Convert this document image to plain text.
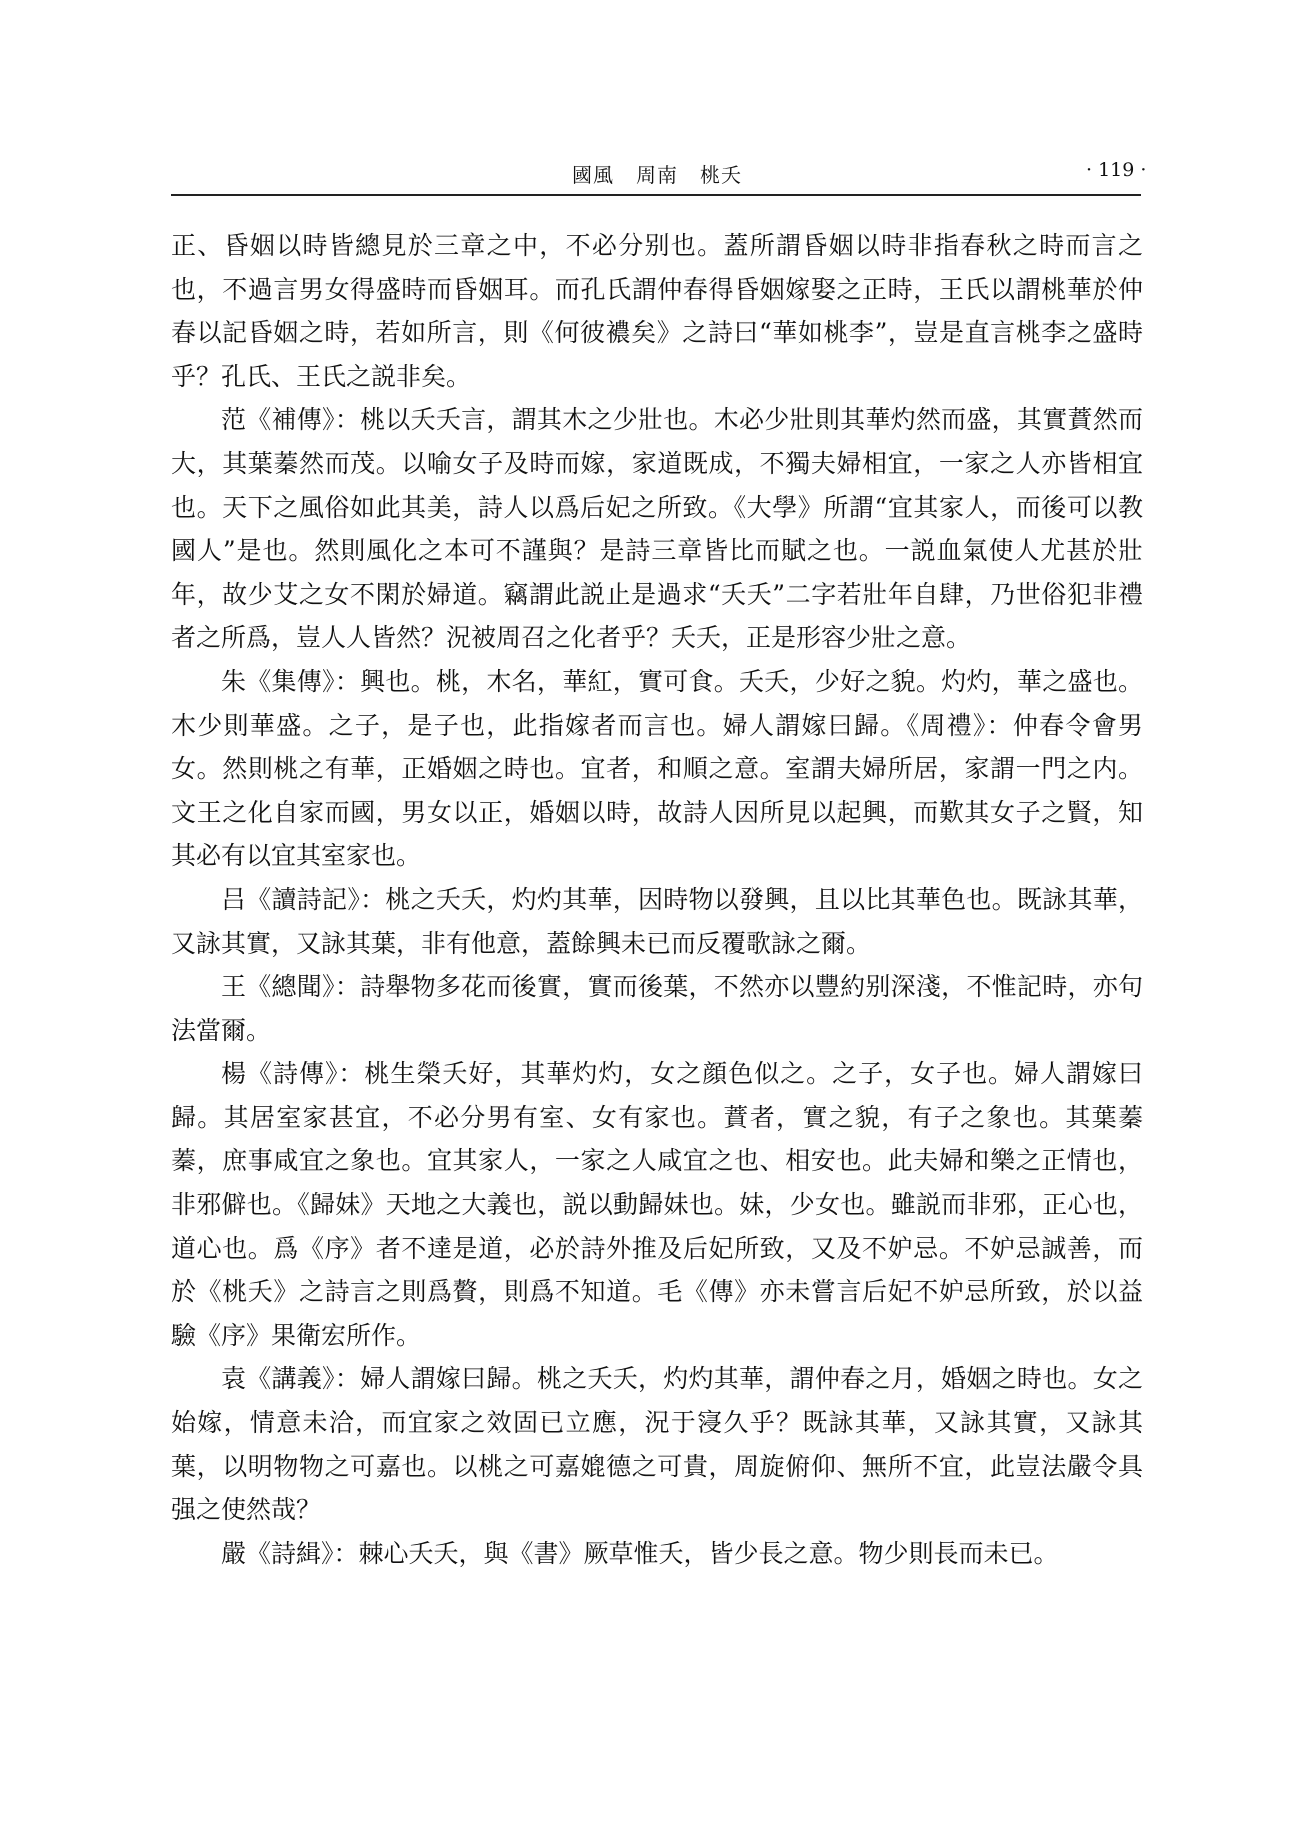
國風 周南 桃夭	· 119 ·

正、昏姻以時皆總見於三章之中，不必分别也。蓋所謂昏姻以時非指春秋之時而言之也，不過言男女得盛時而昏姻耳。而孔氏謂仲春得昏姻嫁娶之正時，王氏以謂桃華於仲春以記昏姻之時，若如所言，則《何彼襛矣》之詩曰“華如桃李”，豈是直言桃李之盛時乎？孔氏、王氏之説非矣。

范《補傳》：桃以夭夭言，謂其木之少壯也。木必少壯則其華灼然而盛，其實蕡然而大，其葉蓁然而茂。以喻女子及時而嫁，家道既成，不獨夫婦相宜，一家之人亦皆相宜也。天下之風俗如此其美，詩人以爲后妃之所致。《大學》所謂“宜其家人，而後可以教國人”是也。然則風化之本可不謹與？是詩三章皆比而賦之也。一説血氣使人尤甚於壯年，故少艾之女不閑於婦道。竊謂此説止是過求“夭夭”二字若壯年自肆，乃世俗犯非禮者之所爲，豈人人皆然？況被周召之化者乎？夭夭，正是形容少壯之意。

朱《集傳》：興也。桃，木名，華紅，實可食。夭夭，少好之貌。灼灼，華之盛也。木少則華盛。之子，是子也，此指嫁者而言也。婦人謂嫁曰歸。《周禮》：仲春令會男女。然則桃之有華，正婚姻之時也。宜者，和順之意。室謂夫婦所居，家謂一門之内。文王之化自家而國，男女以正，婚姻以時，故詩人因所見以起興，而歎其女子之賢，知其必有以宜其室家也。

吕《讀詩記》：桃之夭夭，灼灼其華，因時物以發興，且以比其華色也。既詠其華，又詠其實，又詠其葉，非有他意，蓋餘興未已而反覆歌詠之爾。

王《總聞》：詩舉物多花而後實，實而後葉，不然亦以豐約别深淺，不惟記時，亦句法當爾。

楊《詩傳》：桃生榮夭好，其華灼灼，女之顔色似之。之子，女子也。婦人謂嫁曰歸。其居室家甚宜，不必分男有室、女有家也。蕡者，實之貌，有子之象也。其葉蓁蓁，庶事咸宜之象也。宜其家人，一家之人咸宜之也、相安也。此夫婦和樂之正情也，非邪僻也。《歸妹》天地之大義也，説以動歸妹也。妹，少女也。雖説而非邪，正心也，道心也。爲《序》者不達是道，必於詩外推及后妃所致，又及不妒忌。不妒忌誠善，而於《桃夭》之詩言之則爲贅，則爲不知道。毛《傳》亦未嘗言后妃不妒忌所致，於以益驗《序》果衛宏所作。

袁《講義》：婦人謂嫁曰歸。桃之夭夭，灼灼其華，謂仲春之月，婚姻之時也。女之始嫁，情意未洽，而宜家之效固已立應，況于寖久乎？既詠其華，又詠其實，又詠其葉，以明物物之可嘉也。以桃之可嘉媲德之可貴，周旋俯仰、無所不宜，此豈法嚴令具强之使然哉？

嚴《詩緝》：棘心夭夭，與《書》厥草惟夭，皆少長之意。物少則長而未已。
